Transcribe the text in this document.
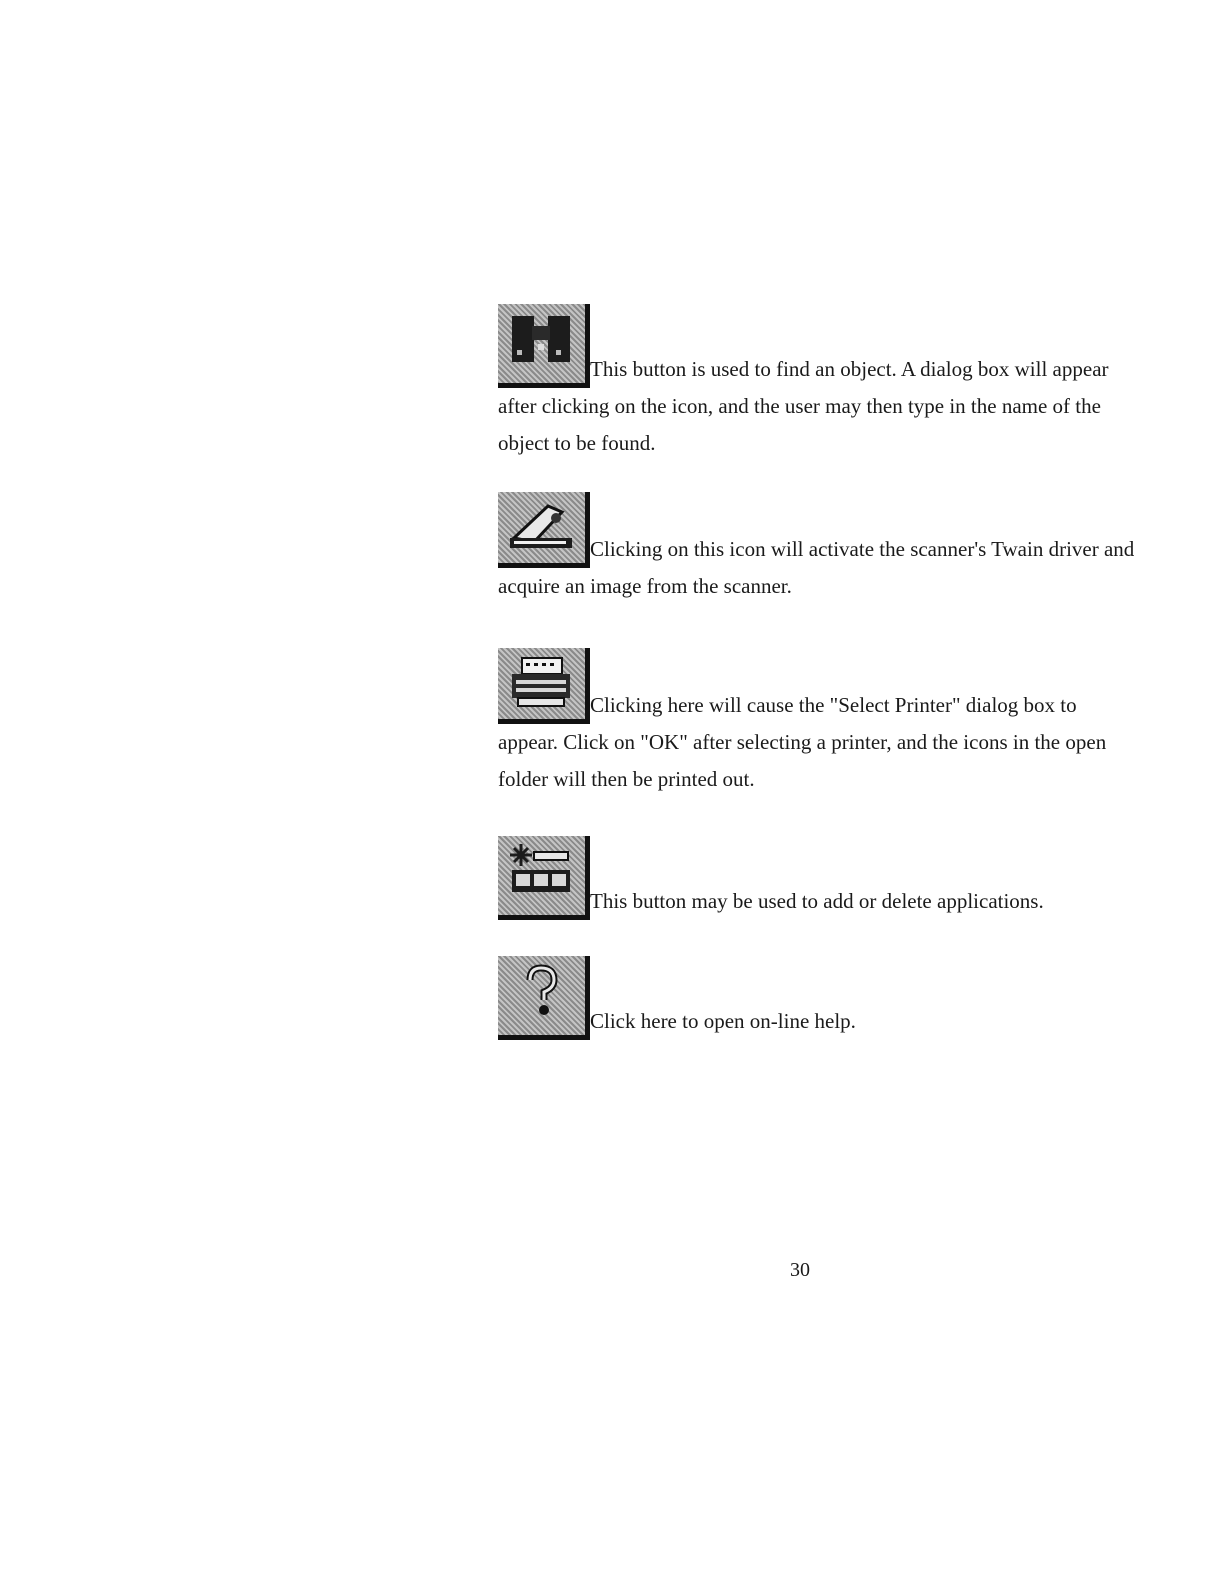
This button is used to find an object. A dialog box will appear after clicking on the icon, and the user may then type in the name of the object to be found.

Clicking on this icon will activate the scanner's Twain driver and acquire an image from the scanner.

Clicking here will cause the "Select Printer" dialog box to appear. Click on "OK" after selecting a printer, and the icons in the open folder will then be printed out.

This button may be used to add or delete applications.

Click here to open on-line help.

30
